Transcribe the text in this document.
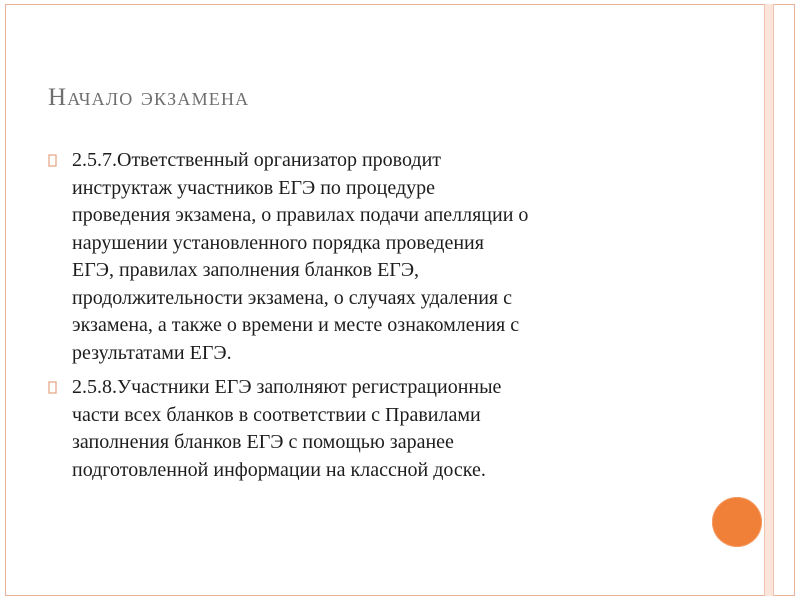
Начало экзамена
2.5.7.Ответственный организатор проводит
инструктаж участников ЕГЭ по процедуре
проведения экзамена, о правилах подачи апелляции о
нарушении установленного порядка проведения
ЕГЭ, правилах заполнения бланков ЕГЭ,
продолжительности экзамена, о случаях удаления с
экзамена, а также о времени и месте ознакомления с
результатами ЕГЭ.
2.5.8.Участники ЕГЭ заполняют регистрационные
части всех бланков в соответствии с Правилами
заполнения бланков ЕГЭ с помощью заранее
подготовленной информации на классной доске.
